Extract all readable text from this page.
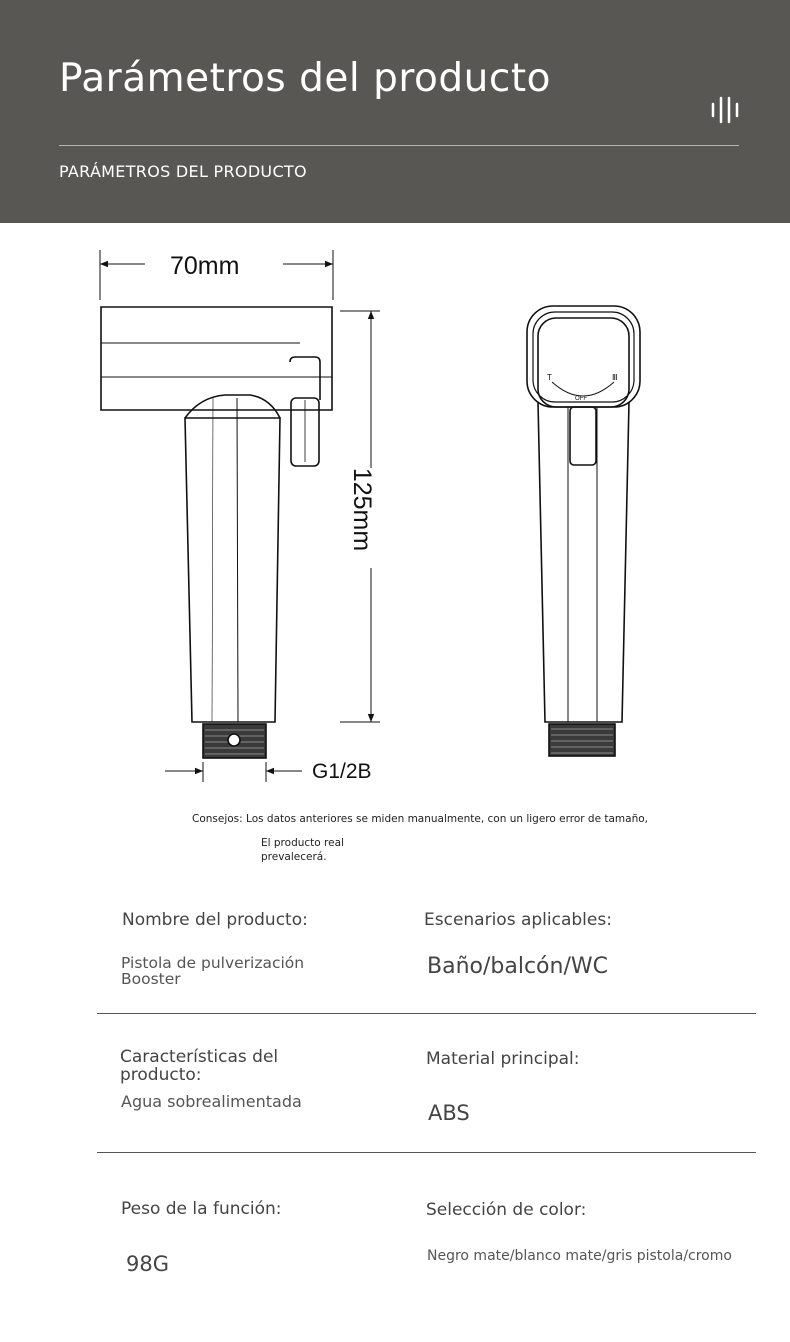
Parámetros del producto
PARÁMETROS DEL PRODUCTO
T	Ⅲ
OFF
70mm
125mm
G1/2B
Consejos: Los datos anteriores se miden manualmente, con un ligero error de tamaño,
El producto real prevalecerá.
Nombre del producto:
Pistola de pulverización Booster
Escenarios aplicables:
Baño/balcón/WC
Características del producto:
Agua sobrealimentada
Material principal:
ABS
Peso de la función:
98G
Selección de color:
Negro mate/blanco mate/gris pistola/cromo
